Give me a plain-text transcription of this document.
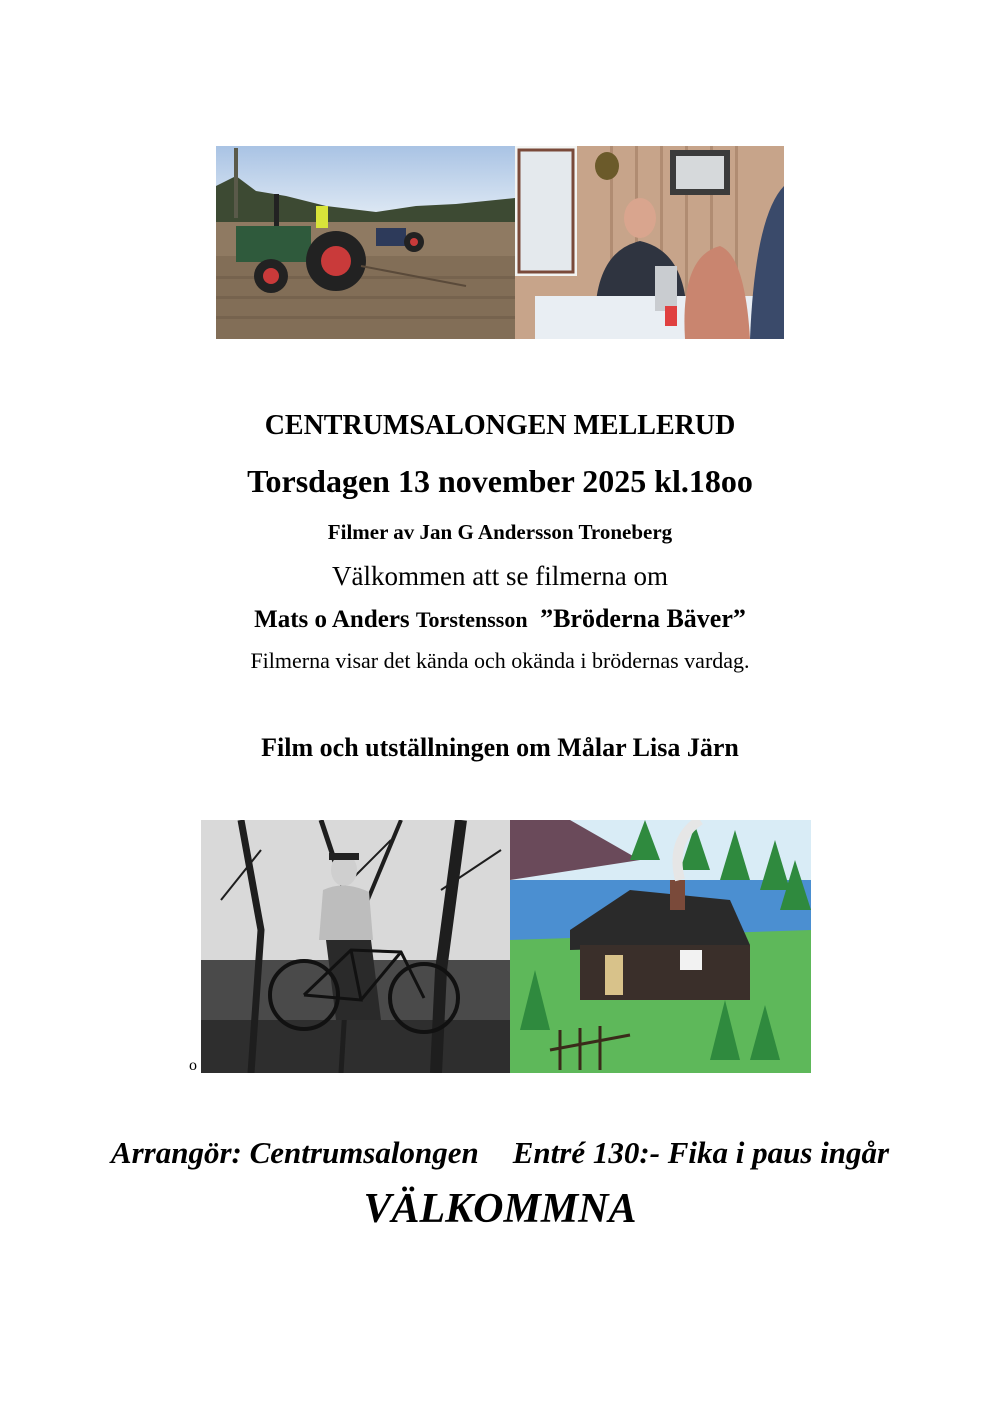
CENTRUMSALONGEN MELLERUD
Torsdagen 13 november 2025 kl.18oo
Filmer av Jan G Andersson Troneberg
Välkommen att se filmerna om
Mats o Anders Torstensson ”Bröderna Bäver”
Filmerna visar det kända och okända i brödernas vardag.
Film och utställningen om Målar Lisa Järn
o
Arrangör: Centrumsalongen Entré 130:- Fika i paus ingår
VÄLKOMMNA
